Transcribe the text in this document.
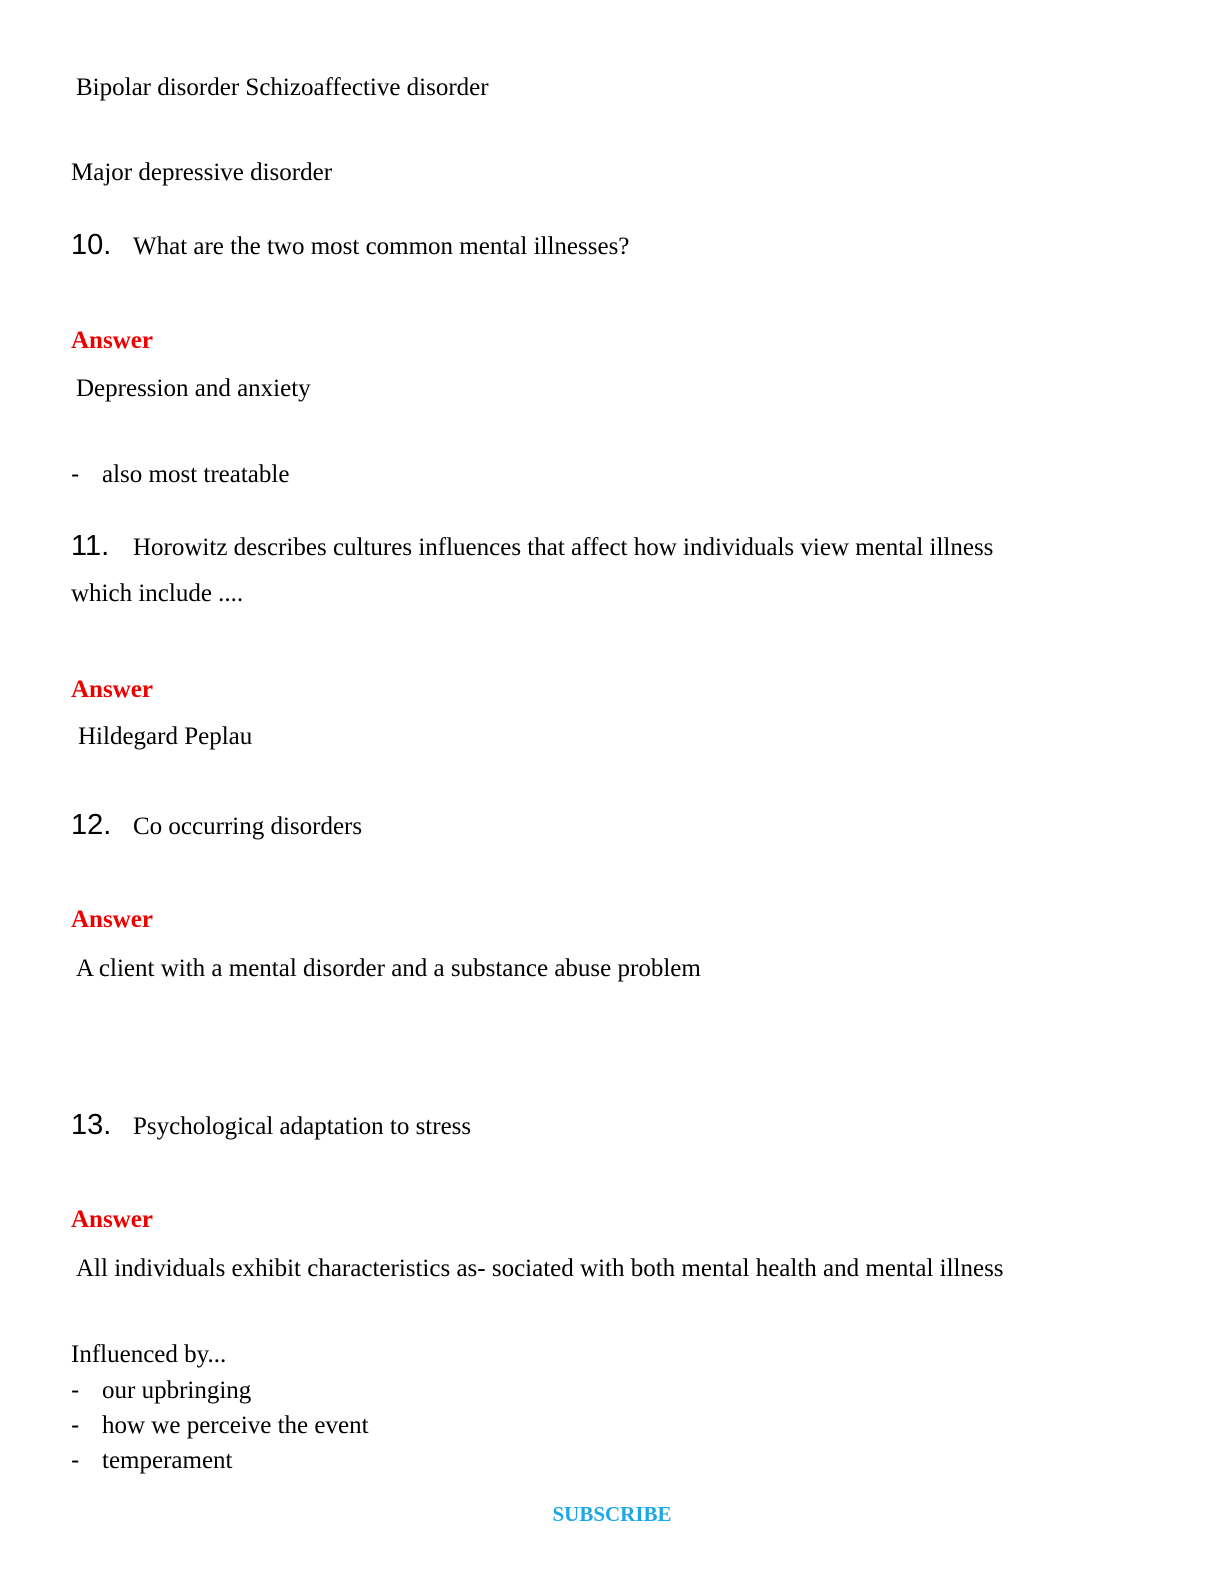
Bipolar disorder Schizoaffective disorder
Major depressive disorder
10. What are the two most common mental illnesses?
Answer
Depression and anxiety
- also most treatable
11. Horowitz describes cultures influences that affect how individuals view mental illness
which include ....
Answer
Hildegard Peplau
12. Co occurring disorders
Answer
A client with a mental disorder and a substance abuse problem
13. Psychological adaptation to stress
Answer
All individuals exhibit characteristics as- sociated with both mental health and mental illness
Influenced by...
- our upbringing
- how we perceive the event
- temperament
SUBSCRIBE
